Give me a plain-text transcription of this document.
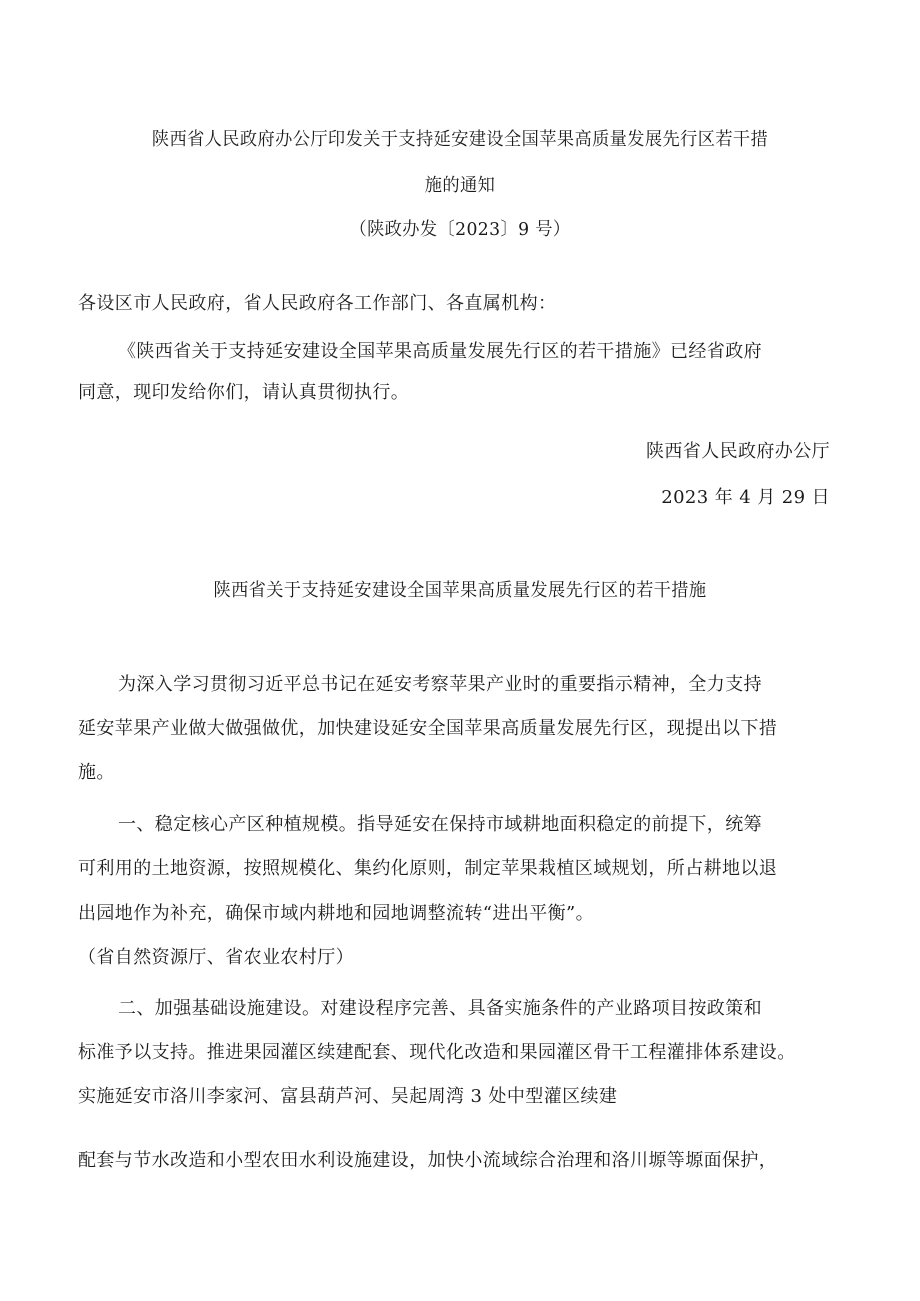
陕西省人民政府办公厅印发关于支持延安建设全国苹果高质量发展先行区若干措
施的通知
（陕政办发〔2023〕9 号）
各设区市人民政府，省人民政府各工作部门、各直属机构：
《陕西省关于支持延安建设全国苹果高质量发展先行区的若干措施》已经省政府
同意，现印发给你们，请认真贯彻执行。
陕西省人民政府办公厅
2023 年 4 月 29 日
陕西省关于支持延安建设全国苹果高质量发展先行区的若干措施
为深入学习贯彻习近平总书记在延安考察苹果产业时的重要指示精神，全力支持
延安苹果产业做大做强做优，加快建设延安全国苹果高质量发展先行区，现提出以下措
施。
一、稳定核心产区种植规模。指导延安在保持市域耕地面积稳定的前提下，统筹
可利用的土地资源，按照规模化、集约化原则，制定苹果栽植区域规划，所占耕地以退
出园地作为补充，确保市域内耕地和园地调整流转“进出平衡”。
（省自然资源厅、省农业农村厅）
二、加强基础设施建设。对建设程序完善、具备实施条件的产业路项目按政策和
标准予以支持。推进果园灌区续建配套、现代化改造和果园灌区骨干工程灌排体系建设。
实施延安市洛川李家河、富县葫芦河、吴起周湾 3 处中型灌区续建
配套与节水改造和小型农田水利设施建设，加快小流域综合治理和洛川塬等塬面保护，
